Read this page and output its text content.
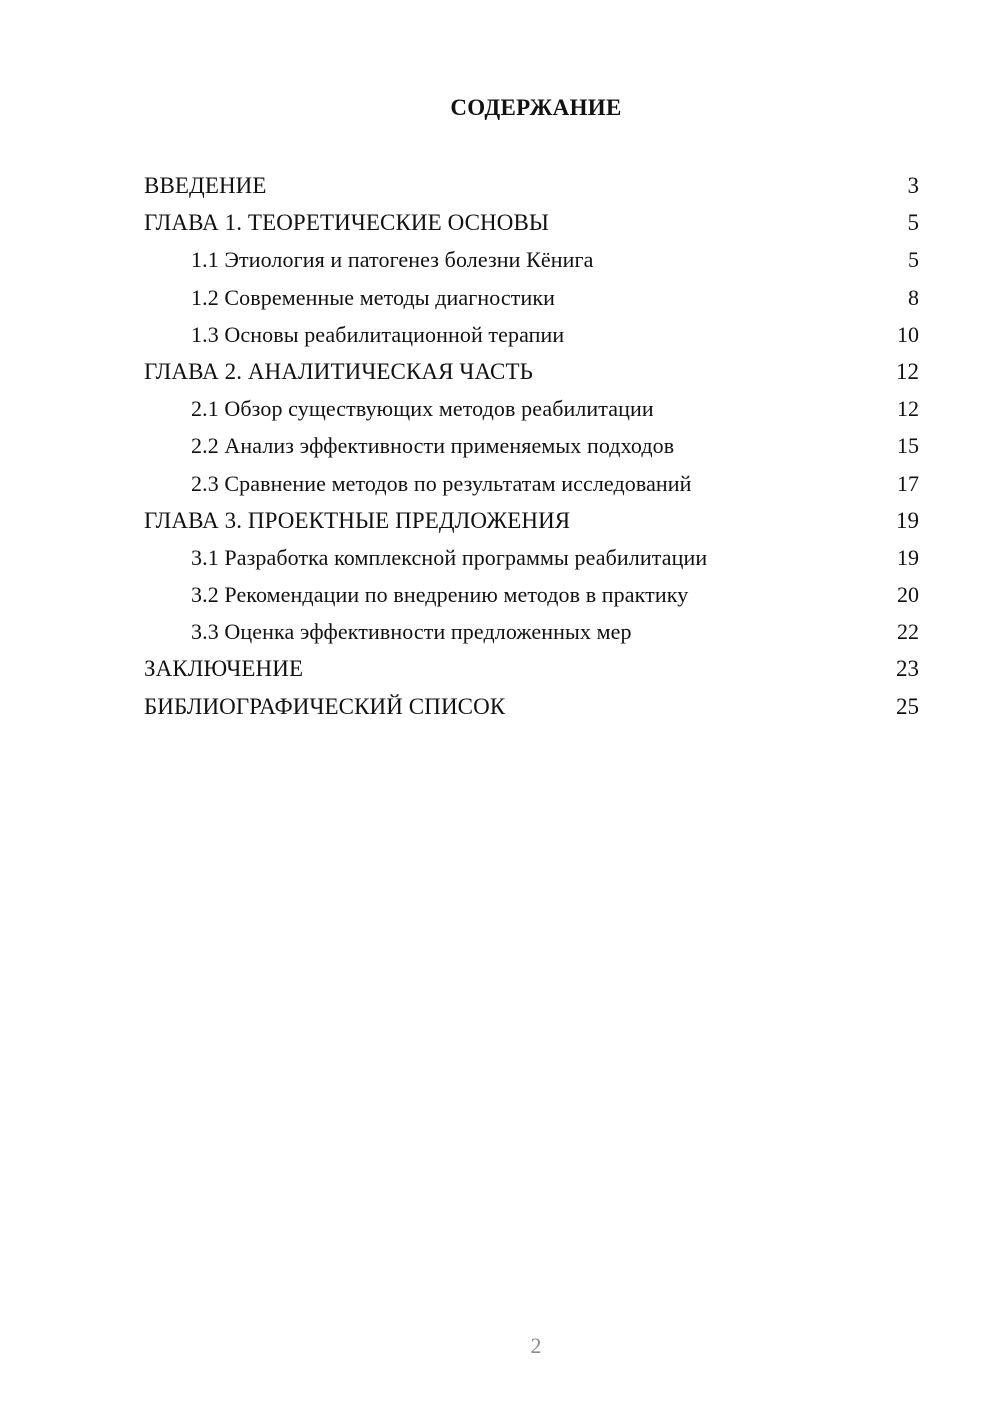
СОДЕРЖАНИЕ
ВВЕДЕНИЕ	3
ГЛАВА 1. ТЕОРЕТИЧЕСКИЕ ОСНОВЫ	5
1.1 Этиология и патогенез болезни Кёнига	5
1.2 Современные методы диагностики	8
1.3 Основы реабилитационной терапии	10
ГЛАВА 2. АНАЛИТИЧЕСКАЯ ЧАСТЬ	12
2.1 Обзор существующих методов реабилитации	12
2.2 Анализ эффективности применяемых подходов	15
2.3 Сравнение методов по результатам исследований	17
ГЛАВА 3. ПРОЕКТНЫЕ ПРЕДЛОЖЕНИЯ	19
3.1 Разработка комплексной программы реабилитации	19
3.2 Рекомендации по внедрению методов в практику	20
3.3 Оценка эффективности предложенных мер	22
ЗАКЛЮЧЕНИЕ	23
БИБЛИОГРАФИЧЕСКИЙ СПИСОК	25
2
